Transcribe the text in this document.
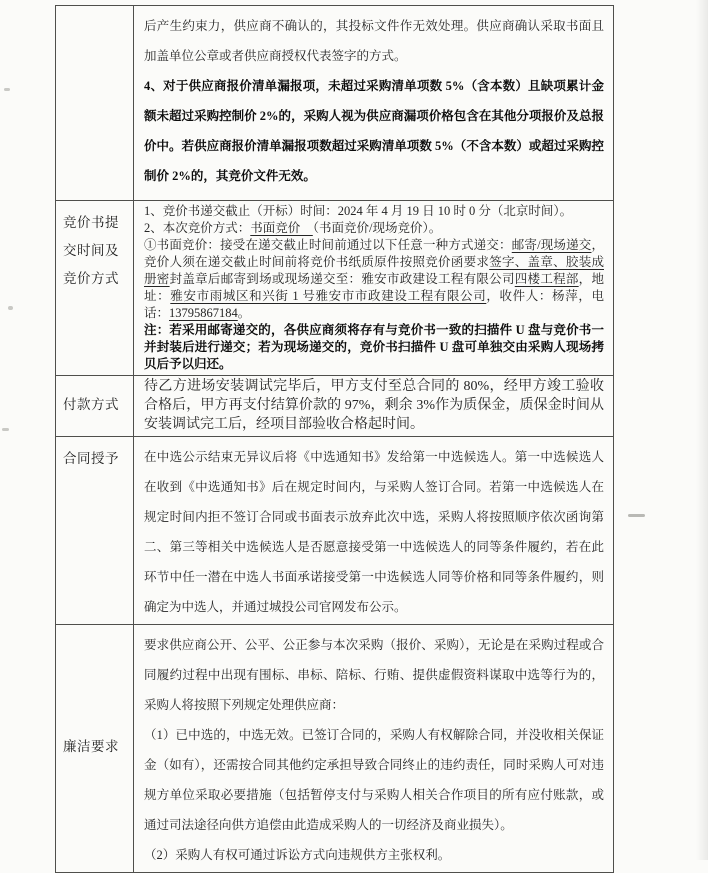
	后产生约束力，供应商不确认的，其投标文件作无效处理。供应商确认采取书面且加盖单位公章或者供应商授权代表签字的方式。
4、对于供应商报价清单漏报项，未超过采购清单项数 5%（含本数）且缺项累计金额未超过采购控制价 2%的，采购人视为供应商漏项价格包含在其他分项报价及总报价中。若供应商报价清单漏报项数超过采购清单项数 5%（不含本数）或超过采购控制价 2%的，其竞价文件无效。

竞价书提交时间及竞价方式	1、竞价书递交截止（开标）时间：2024 年 4 月 19 日 10 时 0 分（北京时间）。
2、本次竞价方式：书面竞价　（书面竞价/现场竞价）。
①书面竞价：接受在递交截止时间前通过以下任意一种方式递交：邮寄/现场递交，竞价人须在递交截止时间前将竞价书纸质原件按照竞价函要求签字、盖章、胶装成册密封盖章后邮寄到场或现场递交至：雅安市政建设工程有限公司四楼工程部，地址：雅安市雨城区和兴街 1 号雅安市市政建设工程有限公司，收件人：杨萍，电话：13795867184。
注：若采用邮寄递交的，各供应商须将存有与竞价书一致的扫描件 U 盘与竞价书一并封装后进行递交；若为现场递交的，竞价书扫描件 U 盘可单独交由采购人现场拷贝后予以归还。

付款方式	待乙方进场安装调试完毕后，甲方支付至总合同的 80%，经甲方竣工验收合格后，甲方再支付结算价款的 97%，剩余 3%作为质保金，质保金时间从安装调试完工后，经项目部验收合格起时间。

合同授予	在中选公示结束无异议后将《中选通知书》发给第一中选候选人。第一中选候选人在收到《中选通知书》后在规定时间内，与采购人签订合同。若第一中选候选人在规定时间内拒不签订合同或书面表示放弃此次中选，采购人将按照顺序依次函询第二、第三等相关中选候选人是否愿意接受第一中选候选人的同等条件履约，若在此环节中任一潜在中选人书面承诺接受第一中选候选人同等价格和同等条件履约，则确定为中选人，并通过城投公司官网发布公示。

廉洁要求	要求供应商公开、公平、公正参与本次采购（报价、采购），无论是在采购过程或合同履约过程中出现有围标、串标、陪标、行贿、提供虚假资料谋取中选等行为的，采购人将按照下列规定处理供应商：
（1）已中选的，中选无效。已签订合同的，采购人有权解除合同，并没收相关保证金（如有），还需按合同其他约定承担导致合同终止的违约责任，同时采购人可对违规方单位采取必要措施（包括暂停支付与采购人相关合作项目的所有应付账款，或通过司法途径向供方追偿由此造成采购人的一切经济及商业损失）。
（2）采购人有权可通过诉讼方式向违规供方主张权利。
